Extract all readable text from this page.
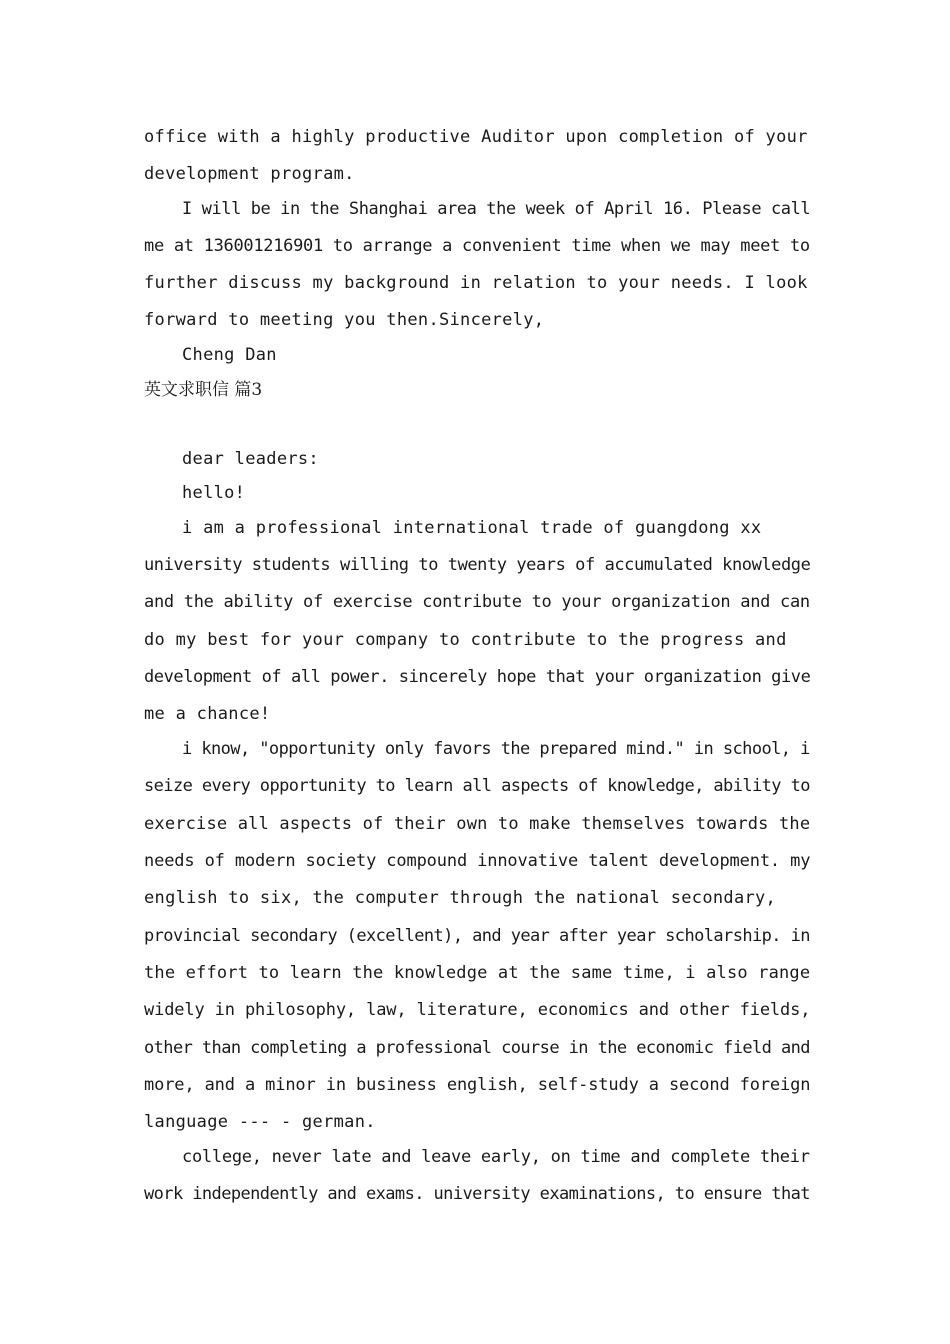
office with a highly productive Auditor upon completion of your

development program.

I will be in the Shanghai area the week of April 16. Please call

me at 136001216901 to arrange a convenient time when we may meet to

further discuss my background in relation to your needs. I look

forward to meeting you then.Sincerely,

Cheng Dan

英文求职信 篇3

dear leaders:

hello!

i am a professional international trade of guangdong xx

university students willing to twenty years of accumulated knowledge

and the ability of exercise contribute to your organization and can

do my best for your company to contribute to the progress and

development of all power. sincerely hope that your organization give

me a chance!

i know, "opportunity only favors the prepared mind." in school, i

seize every opportunity to learn all aspects of knowledge, ability to

exercise all aspects of their own to make themselves towards the

needs of modern society compound innovative talent development. my

english to six, the computer through the national secondary,

provincial secondary (excellent), and year after year scholarship. in

the effort to learn the knowledge at the same time, i also range

widely in philosophy, law, literature, economics and other fields,

other than completing a professional course in the economic field and

more, and a minor in business english, self-study a second foreign

language --- - german.

college, never late and leave early, on time and complete their

work independently and exams. university examinations, to ensure that
